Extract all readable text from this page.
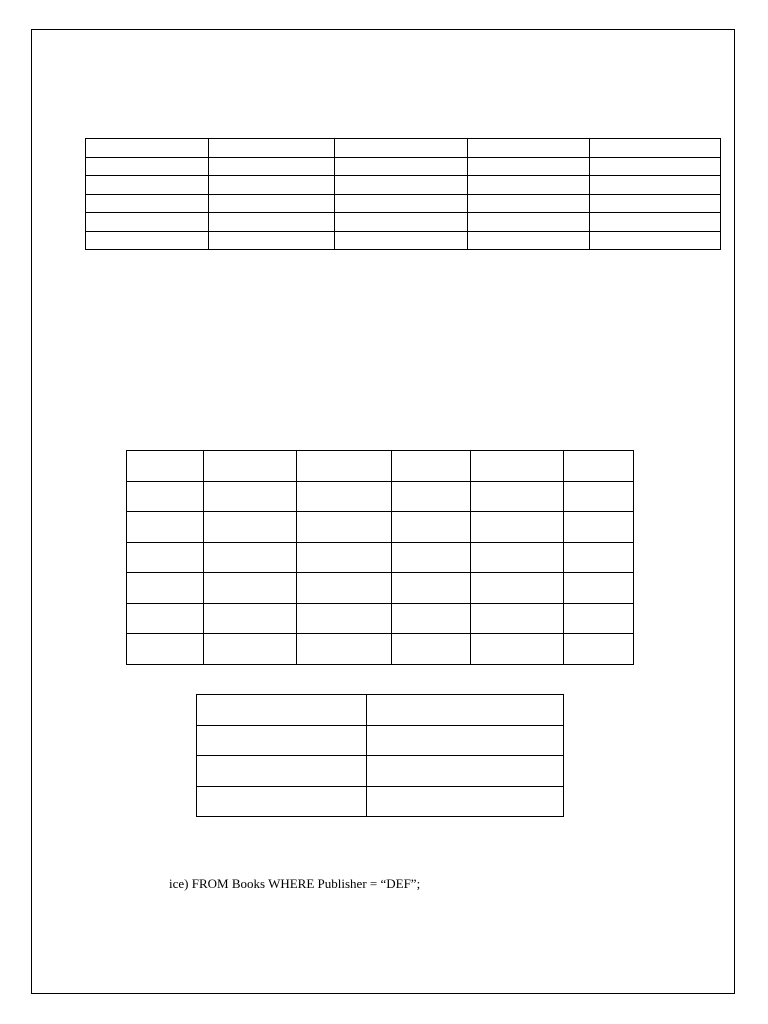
ice) FROM Books WHERE Publisher = “DEF”;
